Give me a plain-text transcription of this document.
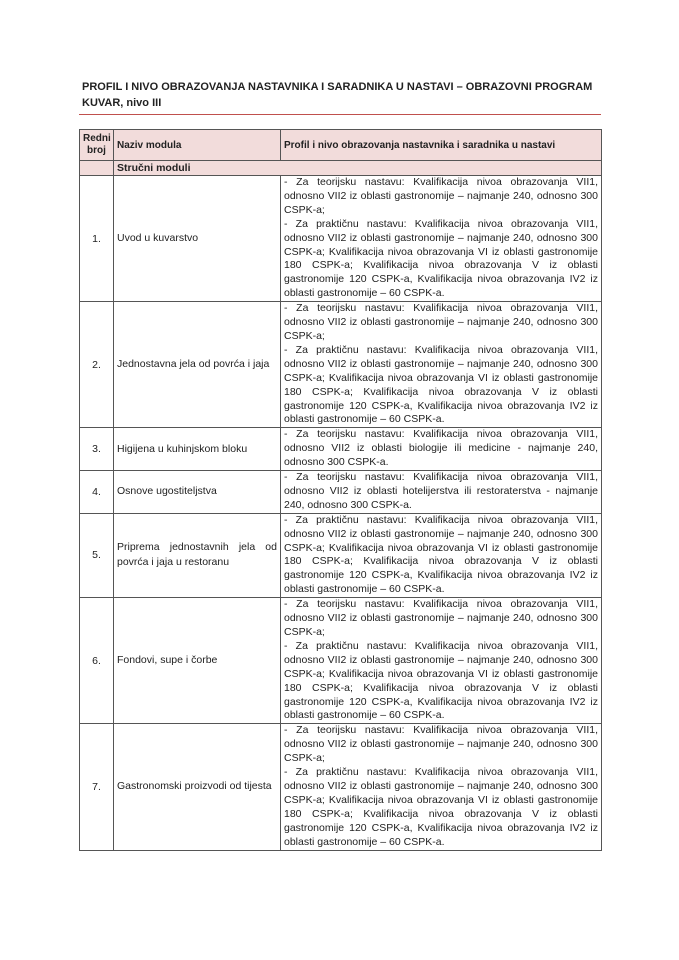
PROFIL I NIVO OBRAZOVANJA NASTAVNIKA I SARADNIKA U NASTAVI – OBRAZOVNI PROGRAM
KUVAR, nivo III
Redni broj	Naziv modula	Profil i nivo obrazovanja nastavnika i saradnika u nastavi
	Stručni moduli	
1.	Uvod u kuvarstvo	- Za teorijsku nastavu: Kvalifikacija nivoa obrazovanja VII1, odnosno VII2 iz oblasti gastronomije – najmanje 240, odnosno 300 CSPK-a;
- Za praktičnu nastavu: Kvalifikacija nivoa obrazovanja VII1, odnosno VII2 iz oblasti gastronomije – najmanje 240, odnosno 300 CSPK-a; Kvalifikacija nivoa obrazovanja VI iz oblasti gastronomije 180 CSPK-a; Kvalifikacija nivoa obrazovanja V iz oblasti gastronomije 120 CSPK-a, Kvalifikacija nivoa obrazovanja IV2 iz oblasti gastronomije – 60 CSPK-a.

2.	Jednostavna jela od povrća i jaja	- Za teorijsku nastavu: Kvalifikacija nivoa obrazovanja VII1, odnosno VII2 iz oblasti gastronomije – najmanje 240, odnosno 300 CSPK-a;
- Za praktičnu nastavu: Kvalifikacija nivoa obrazovanja VII1, odnosno VII2 iz oblasti gastronomije – najmanje 240, odnosno 300 CSPK-a; Kvalifikacija nivoa obrazovanja VI iz oblasti gastronomije 180 CSPK-a; Kvalifikacija nivoa obrazovanja V iz oblasti gastronomije 120 CSPK-a, Kvalifikacija nivoa obrazovanja IV2 iz oblasti gastronomije – 60 CSPK-a.

3.	Higijena u kuhinjskom bloku	- Za teorijsku nastavu: Kvalifikacija nivoa obrazovanja VII1, odnosno VII2 iz oblasti biologije ili medicine - najmanje 240, odnosno 300 CSPK-a.

4.	Osnove ugostiteljstva	- Za teorijsku nastavu: Kvalifikacija nivoa obrazovanja VII1, odnosno VII2 iz oblasti hotelijerstva ili restoraterstva - najmanje 240, odnosno 300 CSPK-a.

5.	Priprema jednostavnih jela od povrća i jaja u restoranu	- Za praktičnu nastavu: Kvalifikacija nivoa obrazovanja VII1, odnosno VII2 iz oblasti gastronomije – najmanje 240, odnosno 300 CSPK-a; Kvalifikacija nivoa obrazovanja VI iz oblasti gastronomije 180 CSPK-a; Kvalifikacija nivoa obrazovanja V iz oblasti gastronomije 120 CSPK-a, Kvalifikacija nivoa obrazovanja IV2 iz oblasti gastronomije – 60 CSPK-a.

6.	Fondovi, supe i čorbe	- Za teorijsku nastavu: Kvalifikacija nivoa obrazovanja VII1, odnosno VII2 iz oblasti gastronomije – najmanje 240, odnosno 300 CSPK-a;
- Za praktičnu nastavu: Kvalifikacija nivoa obrazovanja VII1, odnosno VII2 iz oblasti gastronomije – najmanje 240, odnosno 300 CSPK-a; Kvalifikacija nivoa obrazovanja VI iz oblasti gastronomije 180 CSPK-a; Kvalifikacija nivoa obrazovanja V iz oblasti gastronomije 120 CSPK-a, Kvalifikacija nivoa obrazovanja IV2 iz oblasti gastronomije – 60 CSPK-a.

7.	Gastronomski proizvodi od tijesta	- Za teorijsku nastavu: Kvalifikacija nivoa obrazovanja VII1, odnosno VII2 iz oblasti gastronomije – najmanje 240, odnosno 300 CSPK-a;
- Za praktičnu nastavu: Kvalifikacija nivoa obrazovanja VII1, odnosno VII2 iz oblasti gastronomije – najmanje 240, odnosno 300 CSPK-a; Kvalifikacija nivoa obrazovanja VI iz oblasti gastronomije 180 CSPK-a; Kvalifikacija nivoa obrazovanja V iz oblasti gastronomije 120 CSPK-a, Kvalifikacija nivoa obrazovanja IV2 iz oblasti gastronomije – 60 CSPK-a.
